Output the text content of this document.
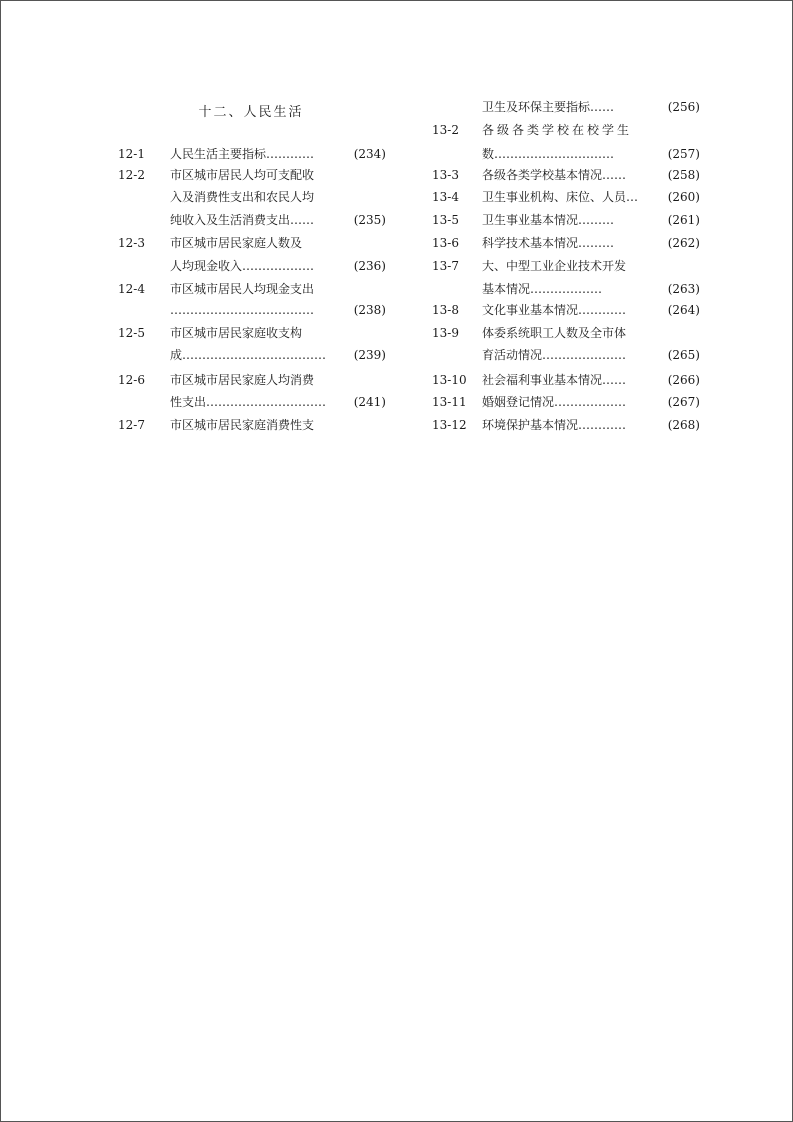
十二、人民生活
12-1 人民生活主要指标…………	(234)
12-2 市区城市居民人均可支配收
入及消费性支出和农民人均
纯收入及生活消费支出……	(235)
12-3 市区城市居民家庭人数及
人均现金收入………………	(236)
12-4 市区城市居民人均现金支出
………………………………	(238)
12-5 市区城市居民家庭收支构
成………………………………	(239)
12-6 市区城市居民家庭人均消费
性支出…………………………	(241)
12-7 市区城市居民家庭消费性支
卫生及环保主要指标……	(256)
13-2 各级各类学校在校学生
数…………………………	(257)
13-3 各级各类学校基本情况……	(258)
13-4 卫生事业机构、床位、人员…	(260)
13-5 卫生事业基本情况………	(261)
13-6 科学技术基本情况………	(262)
13-7 大、中型工业企业技术开发
基本情况………………	(263)
13-8 文化事业基本情况…………	(264)
13-9 体委系统职工人数及全市体
育活动情况…………………	(265)
13-10 社会福利事业基本情况……	(266)
13-11 婚姻登记情况………………	(267)
13-12 环境保护基本情况…………	(268)
